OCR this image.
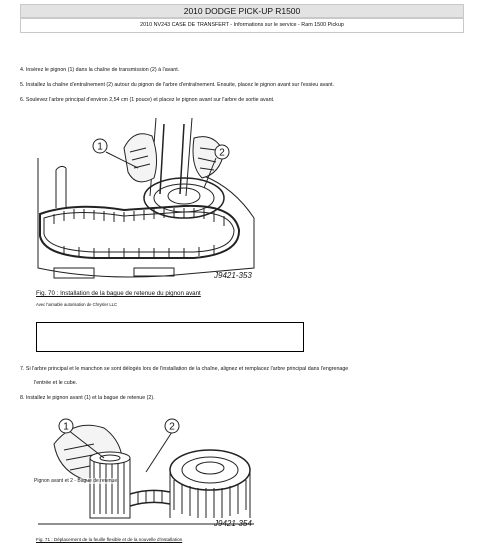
2010 DODGE PICK-UP R1500
2010 NV243 CASE DE TRANSFERT - Informations sur le service - Ram 1500 Pickup
4. Insérez le pignon (1) dans la chaîne de transmission (2) à l'avant.
5. Installez la chaîne d'entraînement (2) autour du pignon de l'arbre d'entraînement. Ensuite, placez le pignon avant sur l'essieu avant.
6. Soulevez l'arbre principal d'environ 2,54 cm (1 pouce) et placez le pignon avant sur l'arbre de sortie avant.
1
2
J9421-353
Fig. 70 : Installation de la bague de retenue du pignon avant
Avec l'aimable autorisation de Chrysler LLC
7. Si l'arbre principal et le manchon se sont délogés lors de l'installation de la chaîne, alignez et remplacez l'arbre principal dans l'engrenage
l'entrée et le cube.
8. Installez le pignon avant (1) et la bague de retenue (2).
1	2
J9421-354
Pignon avant et 2 - Bague de retenue
Fig. 71 : Déplacement de la feuille flexible et de la nouvelle d'installation
